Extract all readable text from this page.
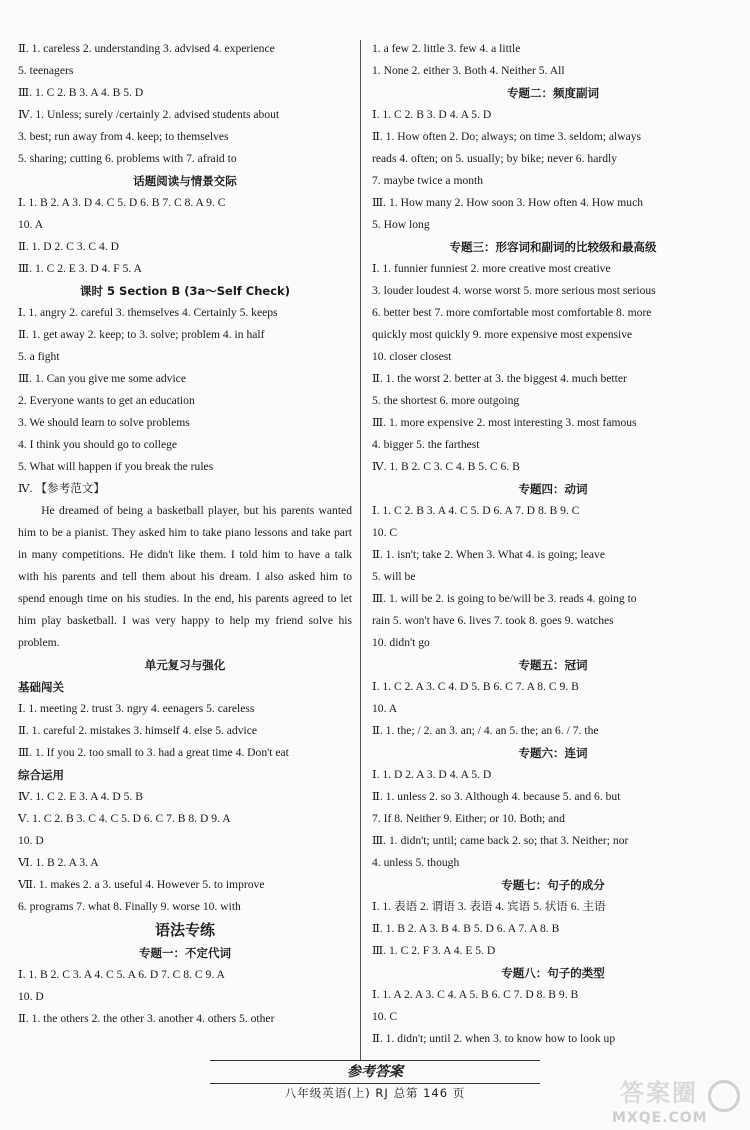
Ⅱ. 1. careless 2. understanding 3. advised 4. experience
5. teenagers
Ⅲ. 1. C 2. B 3. A 4. B 5. D
Ⅳ. 1. Unless; surely /certainly 2. advised students about
3. best; run away from 4. keep; to themselves
5. sharing; cutting 6. problems with 7. afraid to
话题阅读与情景交际
Ⅰ. 1. B 2. A 3. D 4. C 5. D 6. B 7. C 8. A 9. C
10. A
Ⅱ. 1. D 2. C 3. C 4. D
Ⅲ. 1. C 2. E 3. D 4. F 5. A
课时 5 Section B (3a～Self Check)
Ⅰ. 1. angry 2. careful 3. themselves 4. Certainly 5. keeps
Ⅱ. 1. get away 2. keep; to 3. solve; problem 4. in half
5. a fight
Ⅲ. 1. Can you give me some advice
2. Everyone wants to get an education
3. We should learn to solve problems
4. I think you should go to college
5. What will happen if you break the rules
Ⅳ. 【参考范文】

He dreamed of being a basketball player, but his parents wanted him to be a pianist. They asked him to take piano lessons and take part in many competitions. He didn't like them. I told him to have a talk with his parents and tell them about his dream. I also asked him to spend enough time on his studies. In the end, his parents agreed to let him play basketball. I was very happy to help my friend solve his problem.

单元复习与强化
基础闯关
Ⅰ. 1. meeting 2. trust 3. ngry 4. eenagers 5. careless
Ⅱ. 1. careful 2. mistakes 3. himself 4. else 5. advice
Ⅲ. 1. If you 2. too small to 3. had a great time 4. Don't eat
综合运用
Ⅳ. 1. C 2. E 3. A 4. D 5. B
Ⅴ. 1. C 2. B 3. C 4. C 5. D 6. C 7. B 8. D 9. A
10. D
Ⅵ. 1. B 2. A 3. A
Ⅶ. 1. makes 2. a 3. useful 4. However 5. to improve
6. programs 7. what 8. Finally 9. worse 10. with
语法专练
专题一：不定代词
Ⅰ. 1. B 2. C 3. A 4. C 5. A 6. D 7. C 8. C 9. A
10. D
Ⅱ. 1. the others 2. the other 3. another 4. others 5. other
1. a few 2. little 3. few 4. a little
1. None 2. either 3. Both 4. Neither 5. All
专题二：频度副词
Ⅰ. 1. C 2. B 3. D 4. A 5. D
Ⅱ. 1. How often 2. Do; always; on time 3. seldom; always
reads 4. often; on 5. usually; by bike; never 6. hardly
7. maybe twice a month
Ⅲ. 1. How many 2. How soon 3. How often 4. How much
5. How long
专题三：形容词和副词的比较级和最高级
Ⅰ. 1. funnier funniest 2. more creative most creative
3. louder loudest 4. worse worst 5. more serious most serious
6. better best 7. more comfortable most comfortable 8. more
quickly most quickly 9. more expensive most expensive
10. closer closest
Ⅱ. 1. the worst 2. better at 3. the biggest 4. much better
5. the shortest 6. more outgoing
Ⅲ. 1. more expensive 2. most interesting 3. most famous
4. bigger 5. the farthest
Ⅳ. 1. B 2. C 3. C 4. B 5. C 6. B
专题四：动词
Ⅰ. 1. C 2. B 3. A 4. C 5. D 6. A 7. D 8. B 9. C
10. C
Ⅱ. 1. isn't; take 2. When 3. What 4. is going; leave
5. will be
Ⅲ. 1. will be 2. is going to be/will be 3. reads 4. going to
rain 5. won't have 6. lives 7. took 8. goes 9. watches
10. didn't go
专题五：冠词
Ⅰ. 1. C 2. A 3. C 4. D 5. B 6. C 7. A 8. C 9. B
10. A
Ⅱ. 1. the; / 2. an 3. an; / 4. an 5. the; an 6. / 7. the
专题六：连词
Ⅰ. 1. D 2. A 3. D 4. A 5. D
Ⅱ. 1. unless 2. so 3. Although 4. because 5. and 6. but
7. If 8. Neither 9. Either; or 10. Both; and
Ⅲ. 1. didn't; until; came back 2. so; that 3. Neither; nor
4. unless 5. though
专题七：句子的成分
Ⅰ. 1. 表语 2. 谓语 3. 表语 4. 宾语 5. 状语 6. 主语
Ⅱ. 1. B 2. A 3. B 4. B 5. D 6. A 7. A 8. B
Ⅲ. 1. C 2. F 3. A 4. E 5. D
专题八：句子的类型
Ⅰ. 1. A 2. A 3. C 4. A 5. B 6. C 7. D 8. B 9. B
10. C
Ⅱ. 1. didn't; until 2. when 3. to know how to look up
参考答案
八年级英语(上) RJ 总第 146 页	答案圈
MXQE.COM
